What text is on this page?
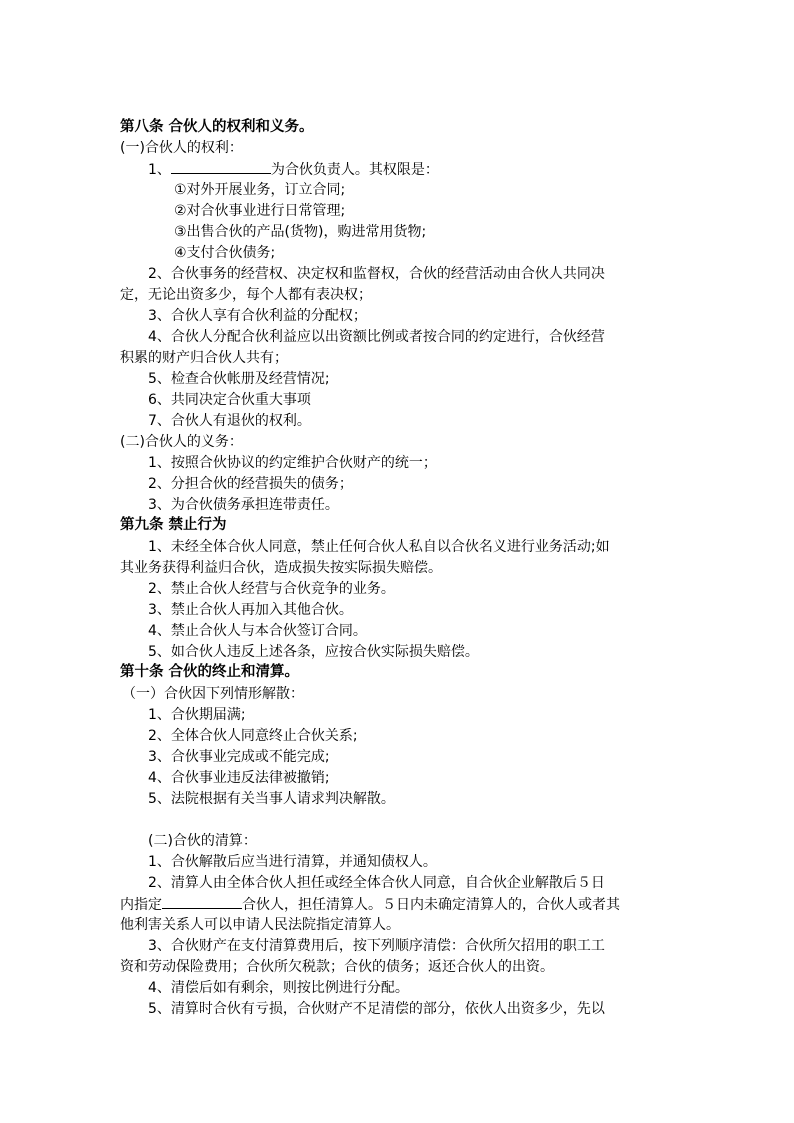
第八条 合伙人的权利和义务。
(一)合伙人的权利：
1、	为合伙负责人。其权限是：
①对外开展业务，订立合同;
②对合伙事业进行日常管理;
③出售合伙的产品(货物)，购进常用货物;
④支付合伙债务;
2、合伙事务的经营权、决定权和监督权，合伙的经营活动由合伙人共同决
定，无论出资多少，每个人都有表决权；
3、合伙人享有合伙利益的分配权；
4、合伙人分配合伙利益应以出资额比例或者按合同的约定进行，合伙经营
积累的财产归合伙人共有；
5、检查合伙帐册及经营情况;
6、共同决定合伙重大事项
7、合伙人有退伙的权利。
(二)合伙人的义务：
1、按照合伙协议的约定维护合伙财产的统一；
2、分担合伙的经营损失的债务；
3、为合伙债务承担连带责任。
第九条 禁止行为
1、未经全体合伙人同意，禁止任何合伙人私自以合伙名义进行业务活动;如
其业务获得利益归合伙，造成损失按实际损失赔偿。
2、禁止合伙人经营与合伙竞争的业务。
3、禁止合伙人再加入其他合伙。
4、禁止合伙人与本合伙签订合同。
5、如合伙人违反上述各条，应按合伙实际损失赔偿。
第十条 合伙的终止和清算。
（一）合伙因下列情形解散：
1、合伙期届满;
2、全体合伙人同意终止合伙关系;
3、合伙事业完成或不能完成;
4、合伙事业违反法律被撤销;
5、法院根据有关当事人请求判决解散。
(二)合伙的清算：
1、合伙解散后应当进行清算，并通知债权人。
2、清算人由全体合伙人担任或经全体合伙人同意，自合伙企业解散后５日
内指定	合伙人，担任清算人。５日内未确定清算人的，合伙人或者其
他利害关系人可以申请人民法院指定清算人。
3、合伙财产在支付清算费用后，按下列顺序清偿：合伙所欠招用的职工工
资和劳动保险费用；合伙所欠税款；合伙的债务；返还合伙人的出资。
4、清偿后如有剩余，则按比例进行分配。
5、清算时合伙有亏损，合伙财产不足清偿的部分，依伙人出资多少，先以
